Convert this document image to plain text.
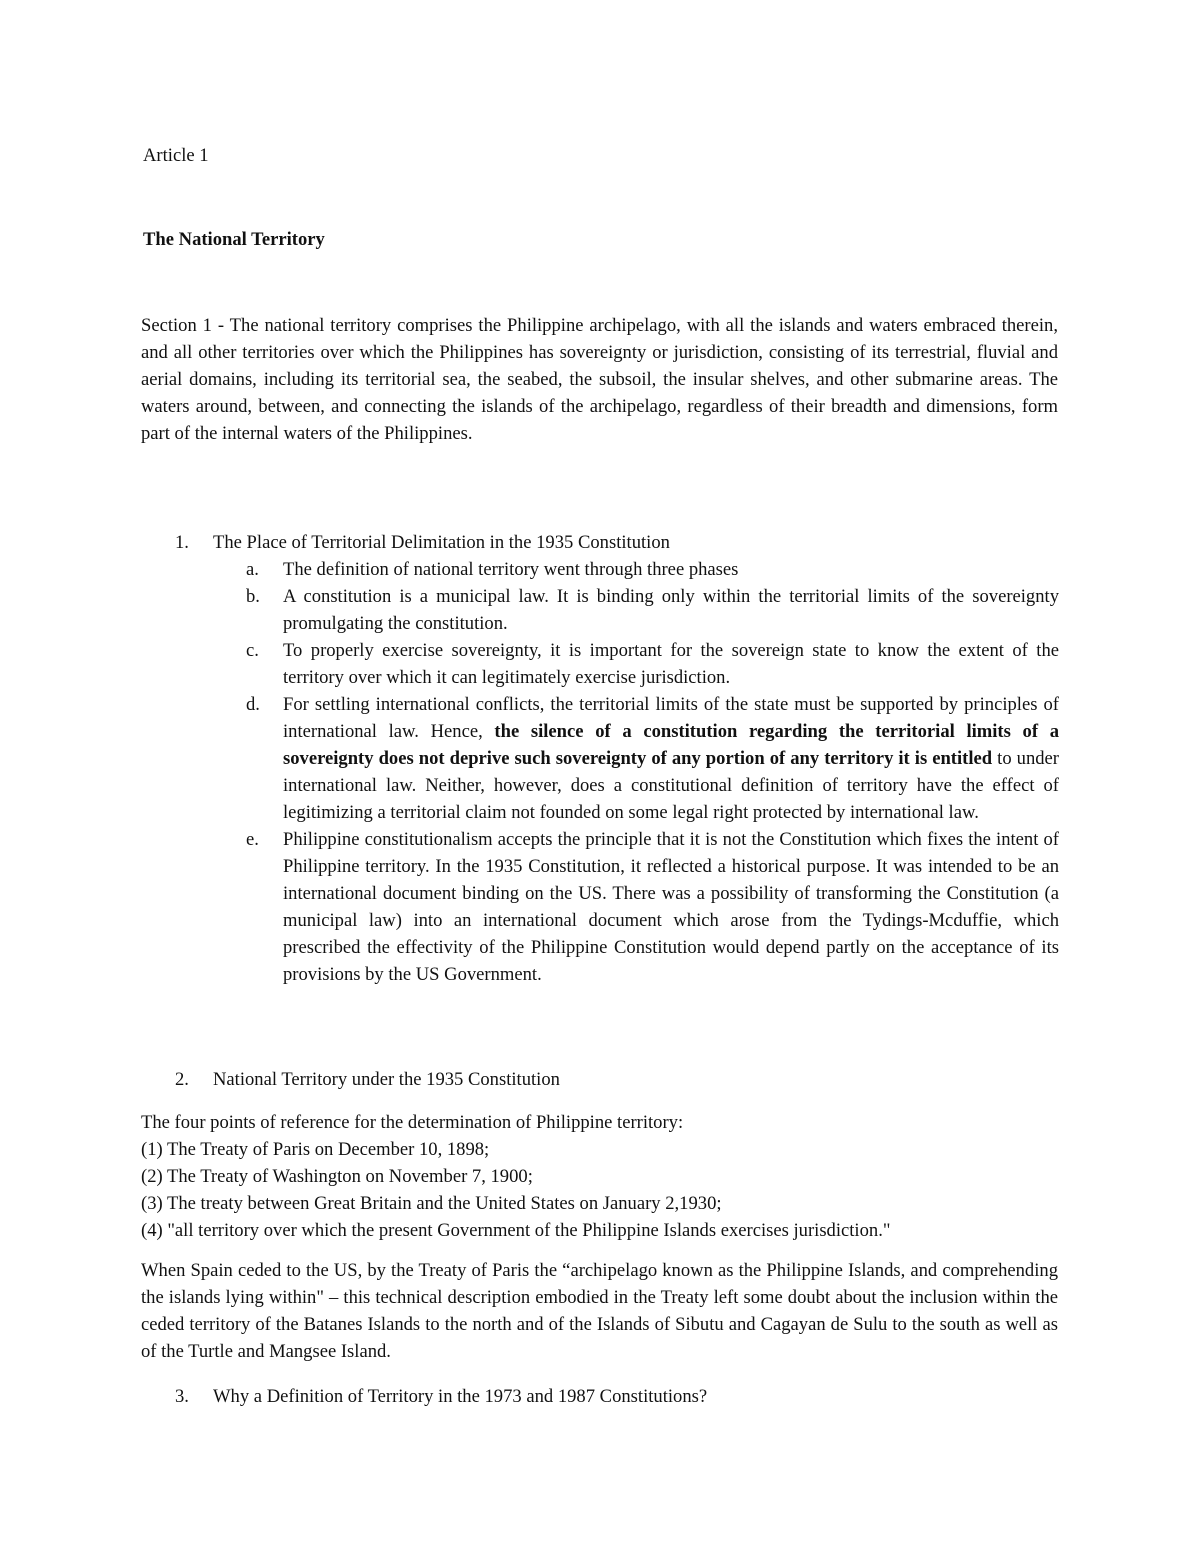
Article 1
The National Territory
Section 1 - The national territory comprises the Philippine archipelago, with all the islands and waters embraced therein, and all other territories over which the Philippines has sovereignty or jurisdiction, consisting of its terrestrial, fluvial and aerial domains, including its territorial sea, the seabed, the subsoil, the insular shelves, and other submarine areas. The waters around, between, and connecting the islands of the archipelago, regardless of their breadth and dimensions, form part of the internal waters of the Philippines.
1. The Place of Territorial Delimitation in the 1935 Constitution
a. The definition of national territory went through three phases
b. A constitution is a municipal law. It is binding only within the territorial limits of the sovereignty promulgating the constitution.
c. To properly exercise sovereignty, it is important for the sovereign state to know the extent of the territory over which it can legitimately exercise jurisdiction.
d. For settling international conflicts, the territorial limits of the state must be supported by principles of international law. Hence, the silence of a constitution regarding the territorial limits of a sovereignty does not deprive such sovereignty of any portion of any territory it is entitled to under international law. Neither, however, does a constitutional definition of territory have the effect of legitimizing a territorial claim not founded on some legal right protected by international law.
e. Philippine constitutionalism accepts the principle that it is not the Constitution which fixes the intent of Philippine territory. In the 1935 Constitution, it reflected a historical purpose. It was intended to be an international document binding on the US. There was a possibility of transforming the Constitution (a municipal law) into an international document which arose from the Tydings-Mcduffie, which prescribed the effectivity of the Philippine Constitution would depend partly on the acceptance of its provisions by the US Government.
2. National Territory under the 1935 Constitution
The four points of reference for the determination of Philippine territory:
(1) The Treaty of Paris on December 10, 1898;
(2) The Treaty of Washington on November 7, 1900;
(3) The treaty between Great Britain and the United States on January 2,1930;
(4) "all territory over which the present Government of the Philippine Islands exercises jurisdiction."

When Spain ceded to the US, by the Treaty of Paris the “archipelago known as the Philippine Islands, and comprehending the islands lying within" – this technical description embodied in the Treaty left some doubt about the inclusion within the ceded territory of the Batanes Islands to the north and of the Islands of Sibutu and Cagayan de Sulu to the south as well as of the Turtle and Mangsee Island.

3. Why a Definition of Territory in the 1973 and 1987 Constitutions?
